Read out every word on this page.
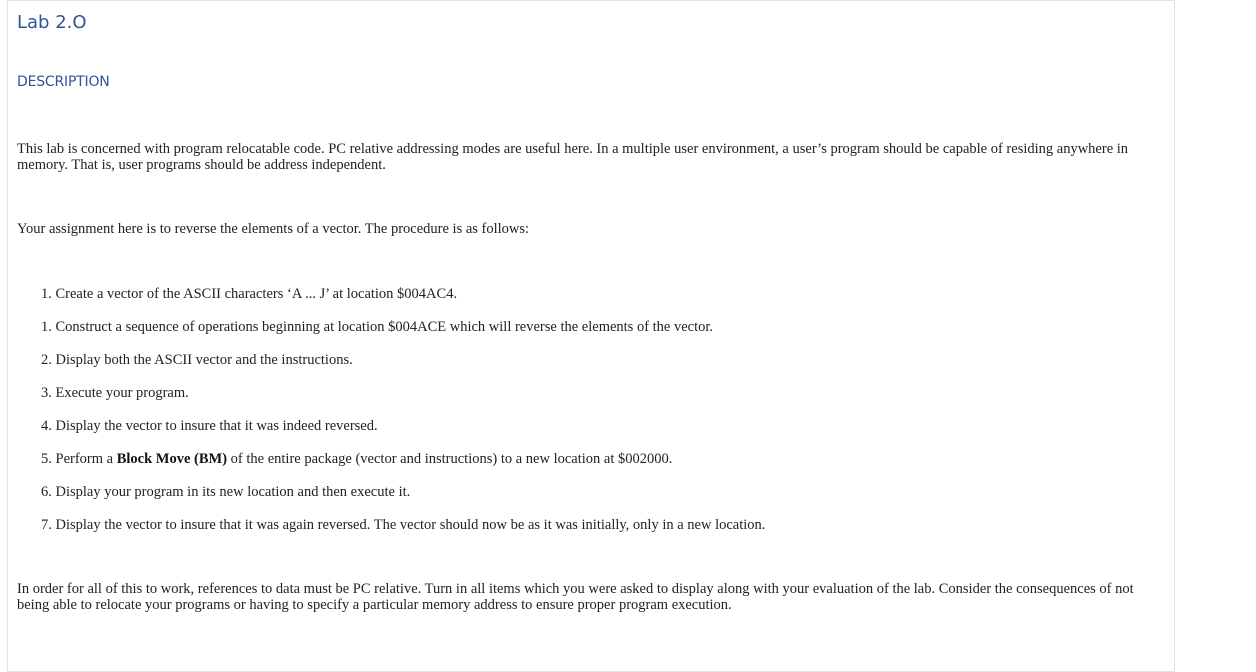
Lab 2.O
DESCRIPTION

This lab is concerned with program relocatable code. PC relative addressing modes are useful here. In a multiple user environment, a user’s program should be capable of residing anywhere in memory. That is, user programs should be address independent.

Your assignment here is to reverse the elements of a vector. The procedure is as follows:

1. Create a vector of the ASCII characters ‘A ... J’ at location $004AC4.
1. Construct a sequence of operations beginning at location $004ACE which will reverse the elements of the vector.
2. Display both the ASCII vector and the instructions.
3. Execute your program.
4. Display the vector to insure that it was indeed reversed.
5. Perform a Block Move (BM) of the entire package (vector and instructions) to a new location at $002000.
6. Display your program in its new location and then execute it.
7. Display the vector to insure that it was again reversed. The vector should now be as it was initially, only in a new location.

In order for all of this to work, references to data must be PC relative. Turn in all items which you were asked to display along with your evaluation of the lab. Consider the consequences of not being able to relocate your programs or having to specify a particular memory address to ensure proper program execution.
